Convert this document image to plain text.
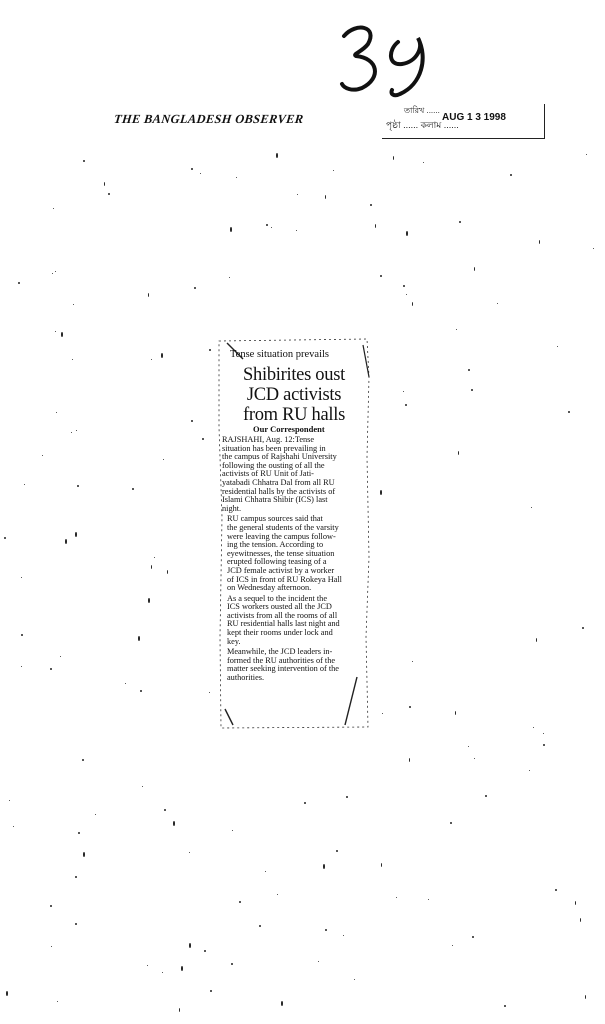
THE BANGLADESH OBSERVER
তারিখ ......
AUG 1 3 1998
পৃষ্ঠা ...... কলাম ......
Tense situation prevails
Shibirites oust
JCD activists
from RU halls
Our Correspondent

RAJSHAHI, Aug. 12:Tense
situation has been prevailing in
the campus of Rajshahi University
following the ousting of all the
activists of RU Unit of Jati-
yatabadi Chhatra Dal from all RU
residential halls by the activists of
Islami Chhatra Shibir (ICS) last
night.

RU campus sources said that
the general students of the varsity
were leaving the campus follow-
ing the tension. According to
eyewitnesses, the tense situation
erupted following teasing of a
JCD female activist by a worker
of ICS in front of RU Rokeya Hall
on Wednesday afternoon.

As a sequel to the incident the
ICS workers ousted all the JCD
activists from all the rooms of all
RU residential halls last night and
kept their rooms under lock and
key.

Meanwhile, the JCD leaders in-
formed the RU authorities of the
matter seeking intervention of the
authorities.
